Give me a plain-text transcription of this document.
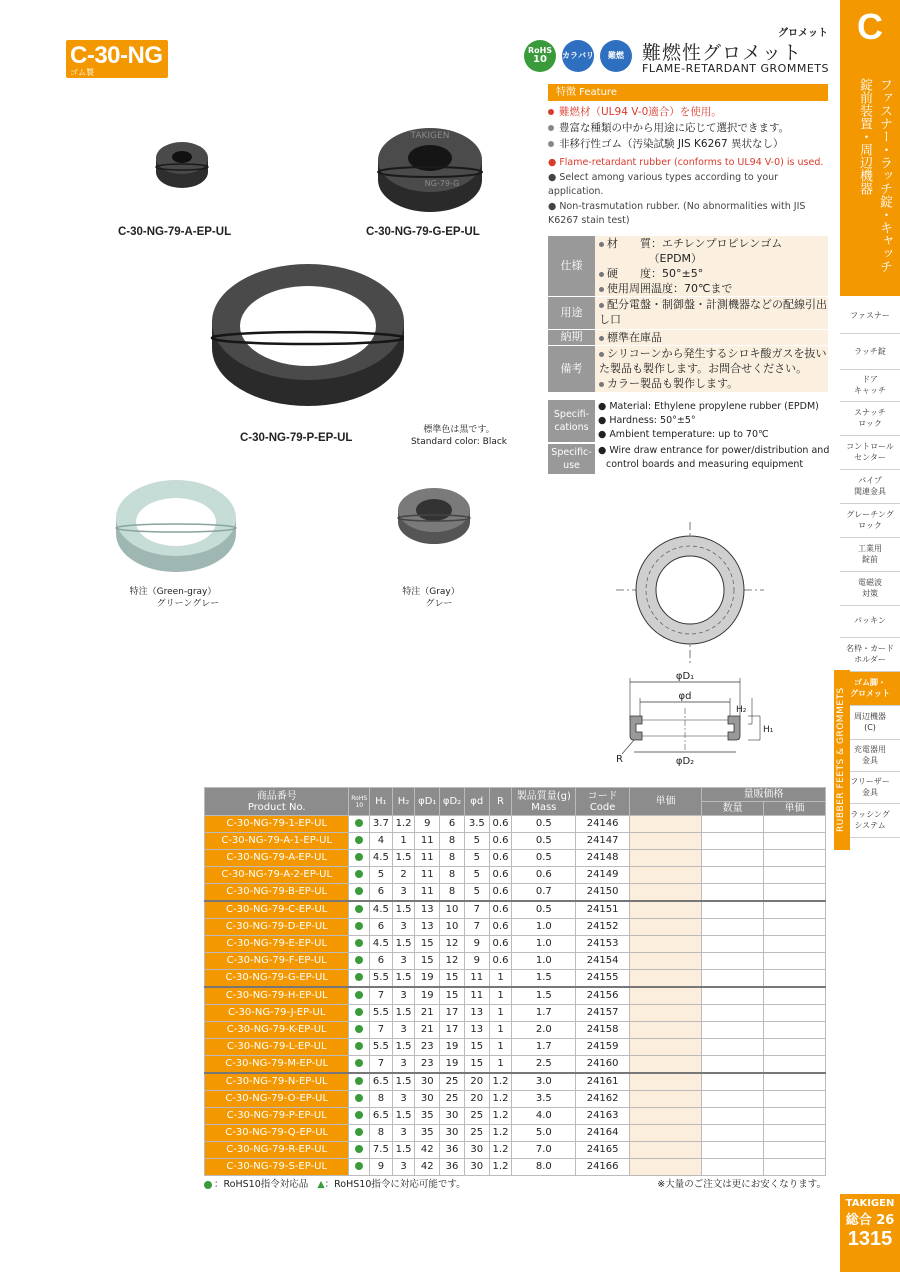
C-30-NG
ゴム製
RoHS
10	カラバリ 難燃
グロメット
難燃性グロメット
FLAME-RETARDANT GROMMETS
C
ファスナー・ラッチ錠・キャッチ 錠前装置・周辺機器
ファスナー
ラッチ錠
ドア
キャッチ
スナッチ
ロック
コントロール
センター
パイプ
関連金具
グレーチング
ロック
工業用
錠前
電磁波
対策
パッキン
名枠・カード
ホルダー
ゴム脚・
グロメット
周辺機器
(C)
充電器用
金具
フリーザー
金具
ラッシング
システム
RUBBER FEETS & GROMMETS
TAKIGEN
総合 26
1315
特徴 Feature
難燃材（UL94 V-0適合）を使用。
豊富な種類の中から用途に応じて選択できます。
非移行性ゴム（汚染試験 JIS K6267 異状なし）
● Flame-retardant rubber (conforms to UL94 V-0) is used.
● Select among various types according to your application.
● Non-trasmutation rubber. (No abnormalities with JIS K6267 stain test)
仕様
材　　質：エチレンプロピレンゴム
　　　　　（EPDM）
硬　　度：50°±5°
使用周囲温度：70℃まで
用途
配分電盤・制御盤・計測機器などの配線引出し口
納期	標準在庫品
備考
シリコーンから発生するシロキ酸ガスを抜いた製品も製作します。お問合せください。
カラー製品も製作します。
Specifi-cations
● Material: Ethylene propylene rubber (EPDM)
● Hardness: 50°±5°
● Ambient temperature: up to 70℃
Specific-use
● Wire draw entrance for power/distribution and control boards and measuring equipment
TAKIGEN
NG-79-G
C-30-NG-79-A-EP-UL	C-30-NG-79-G-EP-UL
C-30-NG-79-P-EP-UL
標準色は黒です。
Standard color: Black
特注（Green-gray）
グリーングレー
特注（Gray）
グレー
φD₁
φd
φD₂
H₂
H₁
R
商品番号
Product No.	RoHS 10	H₁	H₂	φD₁	φD₂	φd	R	製品質量(g)
Mass	コード
Code	単価	量販価格	
											数量	単価
C-30-NG-79-1-EP-UL		3.7	1.2	9	6	3.5	0.6	0.5	24146			
C-30-NG-79-A-1-EP-UL		4	1	11	8	5	0.6	0.5	24147			
C-30-NG-79-A-EP-UL		4.5	1.5	11	8	5	0.6	0.5	24148			
C-30-NG-79-A-2-EP-UL		5	2	11	8	5	0.6	0.6	24149			
C-30-NG-79-B-EP-UL		6	3	11	8	5	0.6	0.7	24150			
C-30-NG-79-C-EP-UL		4.5	1.5	13	10	7	0.6	0.5	24151			
C-30-NG-79-D-EP-UL		6	3	13	10	7	0.6	1.0	24152			
C-30-NG-79-E-EP-UL		4.5	1.5	15	12	9	0.6	1.0	24153			
C-30-NG-79-F-EP-UL		6	3	15	12	9	0.6	1.0	24154			
C-30-NG-79-G-EP-UL		5.5	1.5	19	15	11	1	1.5	24155			
C-30-NG-79-H-EP-UL		7	3	19	15	11	1	1.5	24156			
C-30-NG-79-J-EP-UL		5.5	1.5	21	17	13	1	1.7	24157			
C-30-NG-79-K-EP-UL		7	3	21	17	13	1	2.0	24158			
C-30-NG-79-L-EP-UL		5.5	1.5	23	19	15	1	1.7	24159			
C-30-NG-79-M-EP-UL		7	3	23	19	15	1	2.5	24160			
C-30-NG-79-N-EP-UL		6.5	1.5	30	25	20	1.2	3.0	24161			
C-30-NG-79-O-EP-UL		8	3	30	25	20	1.2	3.5	24162			
C-30-NG-79-P-EP-UL		6.5	1.5	35	30	25	1.2	4.0	24163			
C-30-NG-79-Q-EP-UL		8	3	35	30	25	1.2	5.0	24164			
C-30-NG-79-R-EP-UL		7.5	1.5	42	36	30	1.2	7.0	24165			
C-30-NG-79-S-EP-UL		9	3	42	36	30	1.2	8.0	24166			
：RoHS10指令対応品 ▲：RoHS10指令に対応可能です。	※大量のご注文は更にお安くなります。
